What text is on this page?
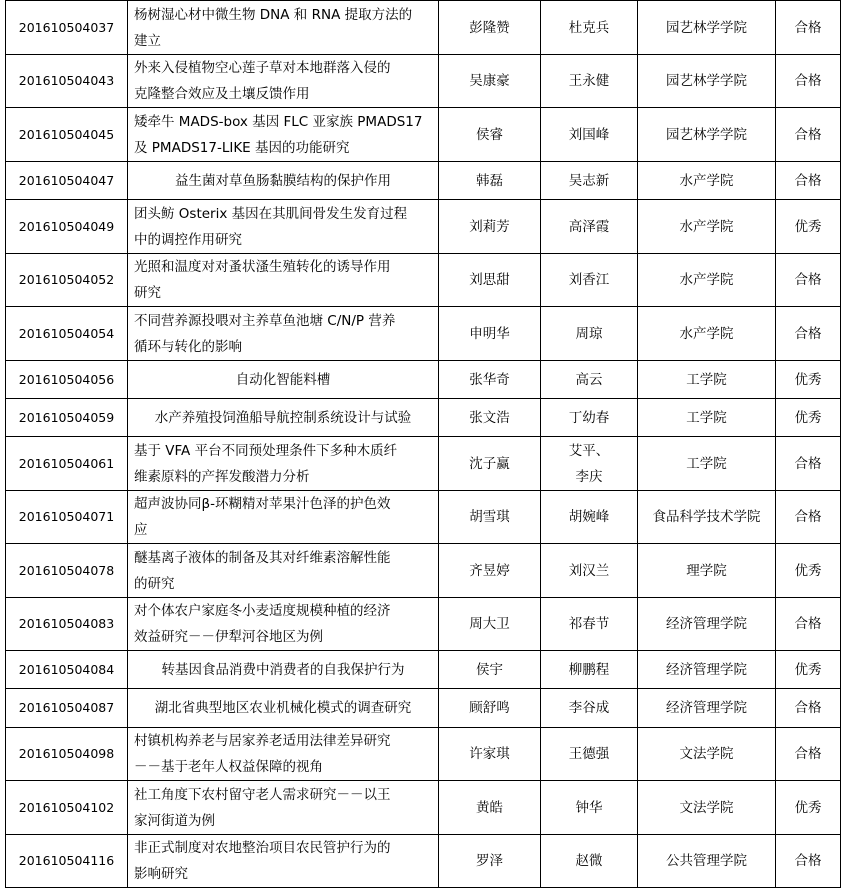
201610504037	杨树湿心材中微生物 DNA 和 RNA 提取方法的
建立	彭隆赞	杜克兵	园艺林学学院	合格
201610504043	外来入侵植物空心莲子草对本地群落入侵的
克隆整合效应及土壤反馈作用	吴康豪	王永健	园艺林学学院	合格
201610504045	矮牵牛 MADS-box 基因 FLC 亚家族 PMADS17
及 PMADS17-LIKE 基因的功能研究	侯睿	刘国峰	园艺林学学院	合格
201610504047	益生菌对草鱼肠黏膜结构的保护作用	韩磊	吴志新	水产学院	合格
201610504049	团头鲂 Osterix 基因在其肌间骨发生发育过程
中的调控作用研究	刘莉芳	高泽霞	水产学院	优秀
201610504052	光照和温度对对蚤状溞生殖转化的诱导作用
研究	刘思甜	刘香江	水产学院	合格
201610504054	不同营养源投喂对主养草鱼池塘 C/N/P 营养
循环与转化的影响	申明华	周琼	水产学院	合格
201610504056	自动化智能料槽	张华奇	高云	工学院	优秀
201610504059	水产养殖投饲渔船导航控制系统设计与试验	张文浩	丁幼春	工学院	优秀
201610504061	基于 VFA 平台不同预处理条件下多种木质纤
维素原料的产挥发酸潜力分析	沈子赢	艾平、
李庆	工学院	合格
201610504071	超声波协同β-环糊精对苹果汁色泽的护色效
应	胡雪琪	胡婉峰	食品科学技术学院	合格
201610504078	醚基离子液体的制备及其对纤维素溶解性能
的研究	齐昱婷	刘汉兰	理学院	优秀
201610504083	对个体农户家庭冬小麦适度规模种植的经济
效益研究－－伊犁河谷地区为例	周大卫	祁春节	经济管理学院	合格
201610504084	转基因食品消费中消费者的自我保护行为	侯宇	柳鹏程	经济管理学院	优秀
201610504087	湖北省典型地区农业机械化模式的调查研究	顾舒鸣	李谷成	经济管理学院	合格
201610504098	村镇机构养老与居家养老适用法律差异研究
－－基于老年人权益保障的视角	许家琪	王德强	文法学院	合格
201610504102	社工角度下农村留守老人需求研究－－以王
家河街道为例	黄皓	钟华	文法学院	优秀
201610504116	非正式制度对农地整治项目农民管护行为的
影响研究	罗泽	赵微	公共管理学院	合格
